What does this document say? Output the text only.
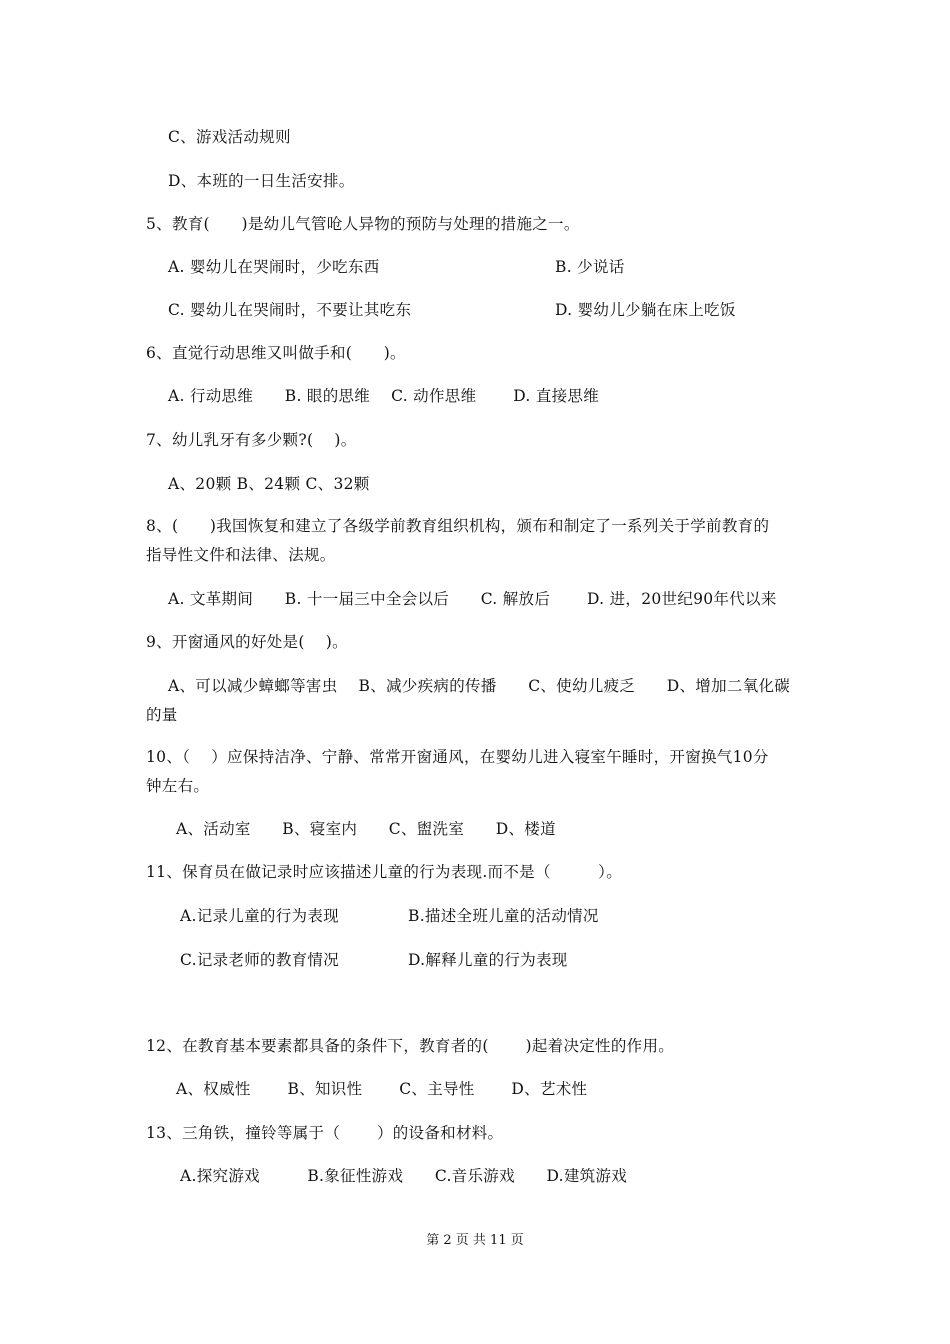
C、游戏活动规则
D、本班的一日生活安排。
5、教育(　　)是幼儿气管呛人异物的预防与处理的措施之一。
A. 婴幼儿在哭闹时，少吃东西	B. 少说话
C. 婴幼儿在哭闹时，不要让其吃东	D. 婴幼儿少躺在床上吃饭
6、直觉行动思维又叫做手和(　　)。
A. 行动思维　　B. 眼的思维　 C. 动作思维　　 D. 直接思维
7、幼儿乳牙有多少颗?(　 )。
A、20颗 B、24颗 C、32颗
8、(　　)我国恢复和建立了各级学前教育组织机构，颁布和制定了一系列关于学前教育的
指导性文件和法律、法规。
A. 文革期间　　B. 十一届三中全会以后　　C. 解放后　　 D. 进，20世纪90年代以来
9、开窗通风的好处是(　 )。
A、可以减少蟑螂等害虫　 B、减少疾病的传播　　C、使幼儿疲乏　　D、增加二氧化碳
的量
10、（　 ）应保持洁净、宁静、常常开窗通风，在婴幼儿进入寝室午睡时，开窗换气10分
钟左右。
A、活动室　　B、寝室内　　C、盥洗室　　D、楼道
11、保育员在做记录时应该描述儿童的行为表现.而不是（　　　）。
A.记录儿童的行为表现	B.描述全班儿童的活动情况
C.记录老师的教育情况	D.解释儿童的行为表现
12、在教育基本要素都具备的条件下，教育者的(　　 )起着决定性的作用。
A、权威性　　 B、知识性　　 C、主导性　　 D、艺术性
13、三角铁，撞铃等属于（　　 ）的设备和材料。
A.探究游戏　　　B.象征性游戏　　C.音乐游戏　　D.建筑游戏
第 2 页 共 11 页
